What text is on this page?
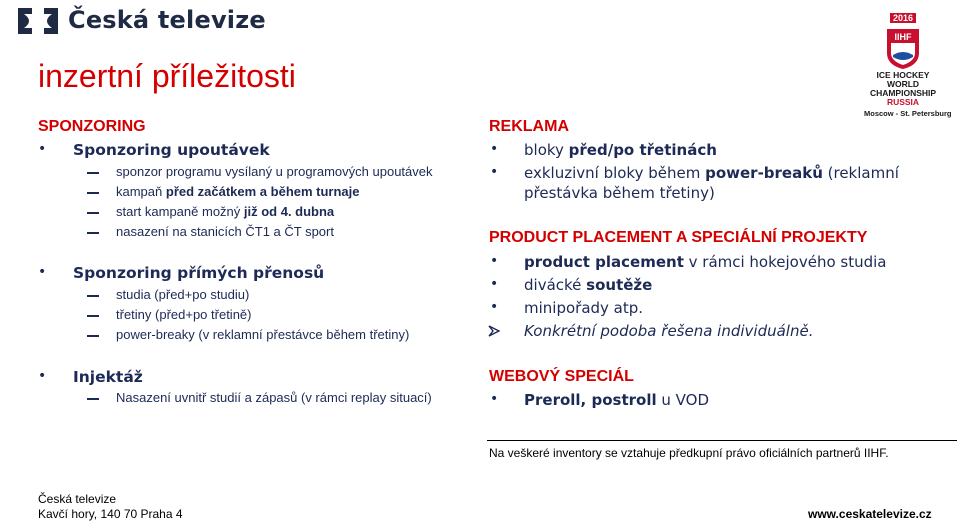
Česká televize
inzertní příležitosti
2016
IIHF
ICE HOCKEY
WORLD
CHAMPIONSHIP
RUSSIA
Moscow - St. Petersburg
SPONZORING
• Sponzoring upoutávek
sponzor programu vysílaný u programových upoutávek
kampaň před začátkem a během turnaje
start kampaně možný již od 4. dubna
nasazení na stanicích ČT1 a ČT sport
• Sponzoring přímých přenosů
studia (před+po studiu)
třetiny (před+po třetině)
power-breaky (v reklamní přestávce během třetiny)
• Injektáž
Nasazení uvnitř studií a zápasů (v rámci replay situací)
REKLAMA
• bloky před/po třetinách
• exkluzivní bloky během power-breaků (reklamní
přestávka během třetiny)
PRODUCT PLACEMENT A SPECIÁLNÍ PROJEKTY
• product placement v rámci hokejového studia
• divácké soutěže
• minipořady atp.
Konkrétní podoba řešena individuálně.
WEBOVÝ SPECIÁL
• Preroll, postroll u VOD
Na veškeré inventory se vztahuje předkupní právo oficiálních partnerů IIHF.
Česká televize
Kavčí hory, 140 70 Praha 4	www.ceskatelevize.cz
